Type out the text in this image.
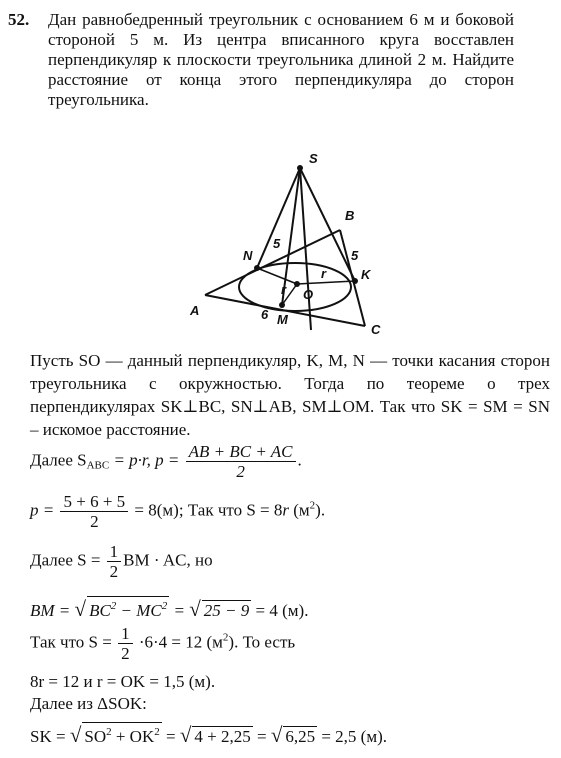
52. Дан равнобедренный треугольник с основанием 6 м и боковой стороной 5 м. Из центра вписанного круга восставлен перпендикуляр к плоскости треугольника длиной 2 м. Найдите расстояние от конца этого перпендикуляра до сторон треугольника.
S
B
N
K
O
A
M
C
5
5
6
r
r
Пусть SO — данный перпендикуляр, K, M, N — точки касания сторон треугольника с окружностью. Тогда по теореме о трех перпендикулярах SK⊥BC, SN⊥AB, SM⊥OM. Так что SK = SM = SN – искомое расстояние.
Далее $S_{ABC} = p\cdot r$, $p = \frac{AB + BC + AC}{2}$ .
$p = \frac{5 + 6 + 5}{2} = 8(м)$; Так что S = 8r $(м^2)$.
Далее $S = \frac{1}{2}$ BM · AC, но
BM = √ $BC^2 - MC^2$ = √ 25 − 9 = 4 (м).
Так что $S = \frac{1}{2} \cdot 6\cdot 4 = 12$ $(м^2)$. То есть
8r = 12 и r = OK = 1,5 (м).
Далее из ΔSOK:
SK = √ $SO^2 + OK^2$ = √ 4 + 2,25 = √ 6,25 = 2,5 (м).
